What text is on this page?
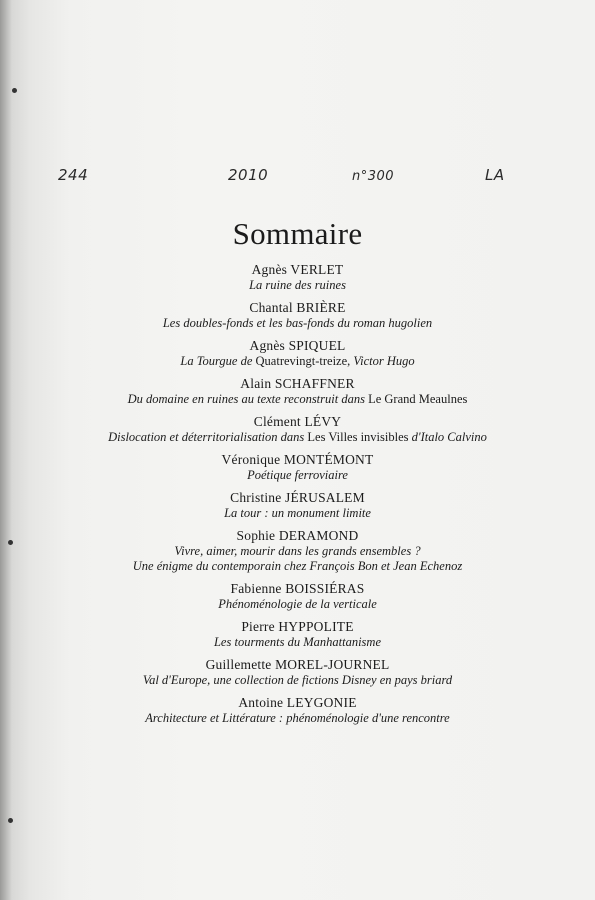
244	2010	n°300	LA
Sommaire
Agnès VERLET
La ruine des ruines
Chantal BRIÈRE
Les doubles-fonds et les bas-fonds du roman hugolien
Agnès SPIQUEL
La Tourgue de Quatrevingt-treize, Victor Hugo
Alain SCHAFFNER
Du domaine en ruines au texte reconstruit dans Le Grand Meaulnes
Clément LÉVY
Dislocation et déterritorialisation dans Les Villes invisibles d'Italo Calvino
Véronique MONTÉMONT
Poétique ferroviaire
Christine JÉRUSALEM
La tour : un monument limite
Sophie DERAMOND
Vivre, aimer, mourir dans les grands ensembles ?
Une énigme du contemporain chez François Bon et Jean Echenoz
Fabienne BOISSIÉRAS
Phénoménologie de la verticale
Pierre HYPPOLITE
Les tourments du Manhattanisme
Guillemette MOREL-JOURNEL
Val d'Europe, une collection de fictions Disney en pays briard
Antoine LEYGONIE
Architecture et Littérature : phénoménologie d'une rencontre
